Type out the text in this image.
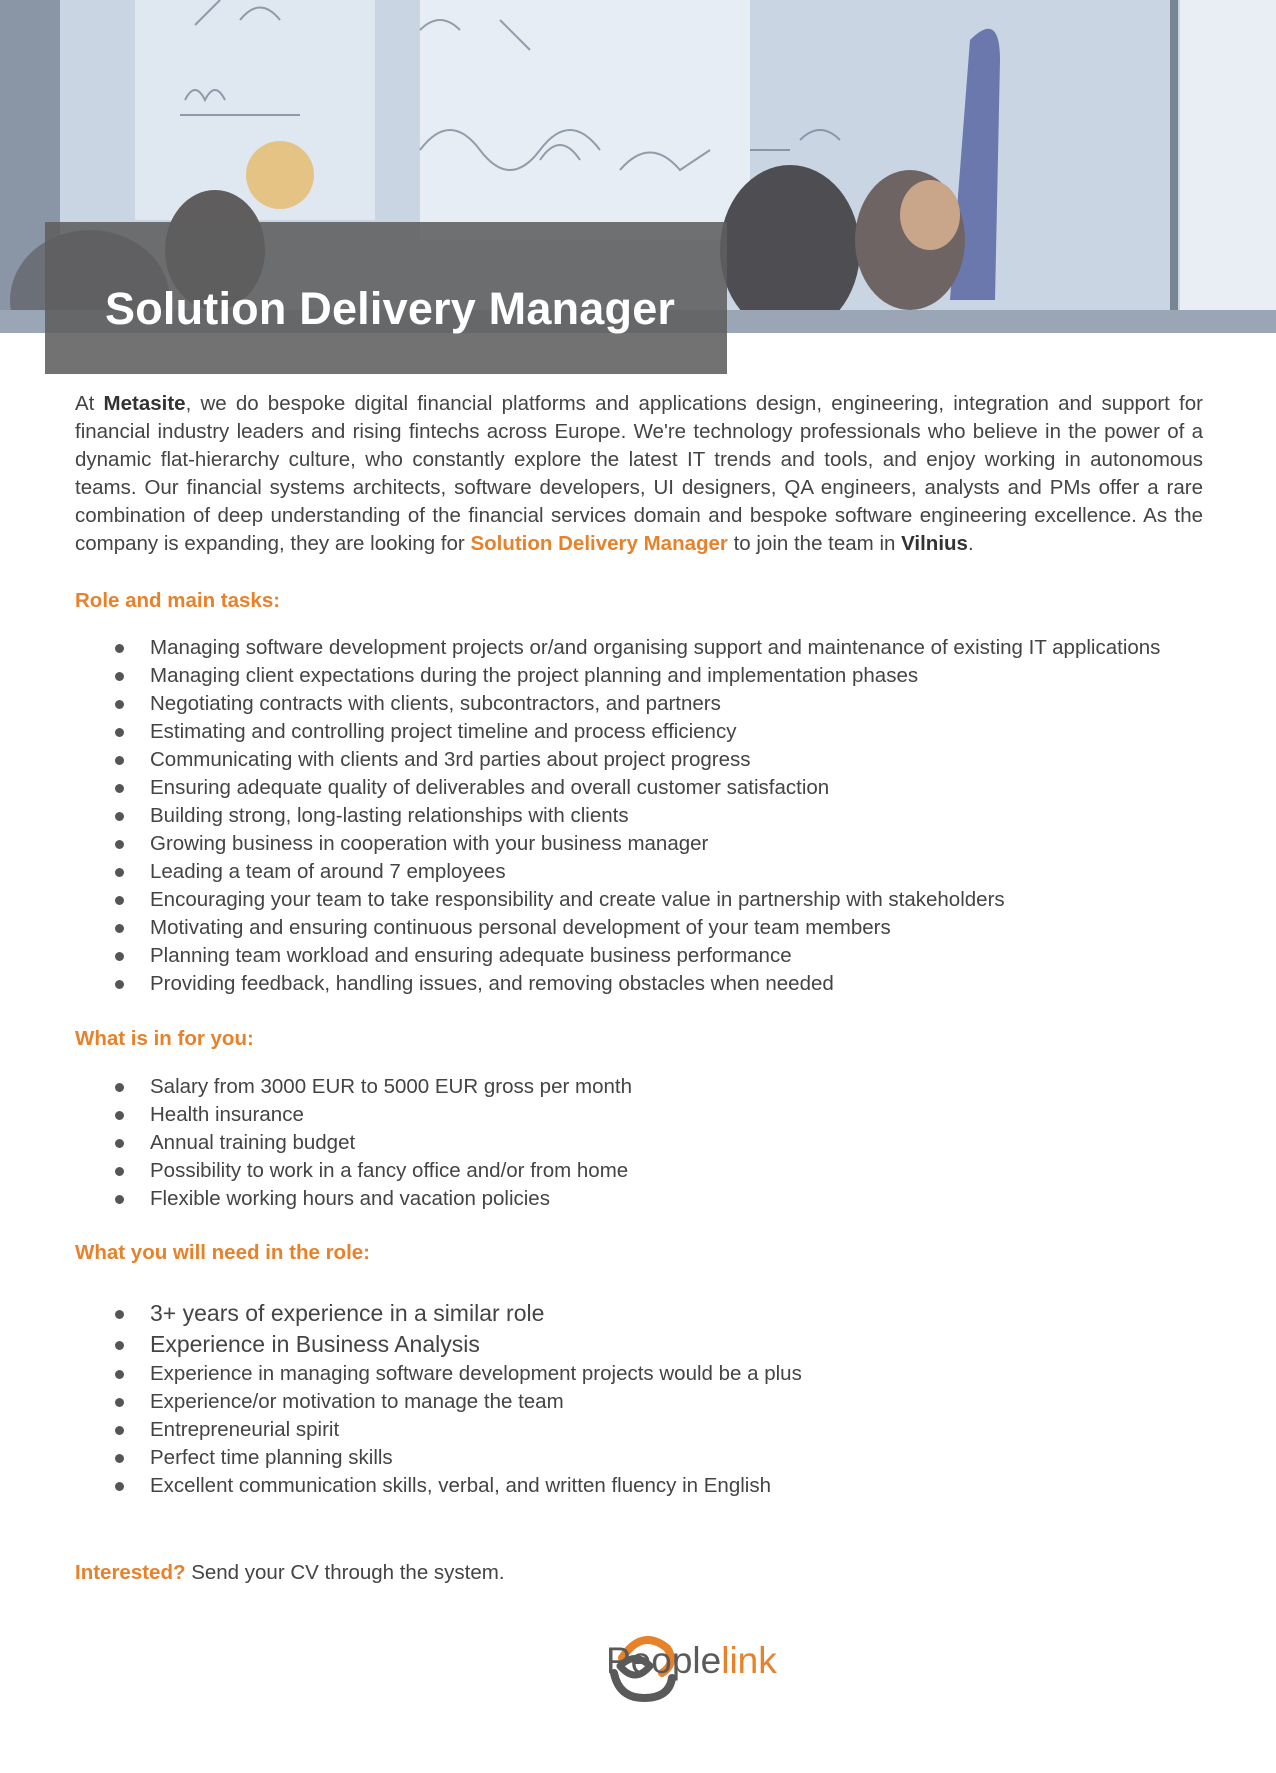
Solution Delivery Manager

At Metasite, we do bespoke digital financial platforms and applications design, engineering, integration and support for financial industry leaders and rising fintechs across Europe. We're technology professionals who believe in the power of a dynamic flat-hierarchy culture, who constantly explore the latest IT trends and tools, and enjoy working in autonomous teams. Our financial systems architects, software developers, UI designers, QA engineers, analysts and PMs offer a rare combination of deep understanding of the financial services domain and bespoke software engineering excellence. As the company is expanding, they are looking for Solution Delivery Manager to join the team in Vilnius.

Role and main tasks:
Managing software development projects or/and organising support and maintenance of existing IT applications
Managing client expectations during the project planning and implementation phases
Negotiating contracts with clients, subcontractors, and partners
Estimating and controlling project timeline and process efficiency
Communicating with clients and 3rd parties about project progress
Ensuring adequate quality of deliverables and overall customer satisfaction
Building strong, long-lasting relationships with clients
Growing business in cooperation with your business manager
Leading a team of around 7 employees
Encouraging your team to take responsibility and create value in partnership with stakeholders
Motivating and ensuring continuous personal development of your team members
Planning team workload and ensuring adequate business performance
Providing feedback, handling issues, and removing obstacles when needed
What is in for you:
Salary from 3000 EUR to 5000 EUR gross per month
Health insurance
Annual training budget
Possibility to work in a fancy office and/or from home
Flexible working hours and vacation policies
What you will need in the role:
3+ years of experience in a similar role
Experience in Business Analysis
Experience in managing software development projects would be a plus
Experience/or motivation to manage the team
Entrepreneurial spirit
Perfect time planning skills
Excellent communication skills, verbal, and written fluency in English

Interested? Send your CV through the system.

Peoplelink
